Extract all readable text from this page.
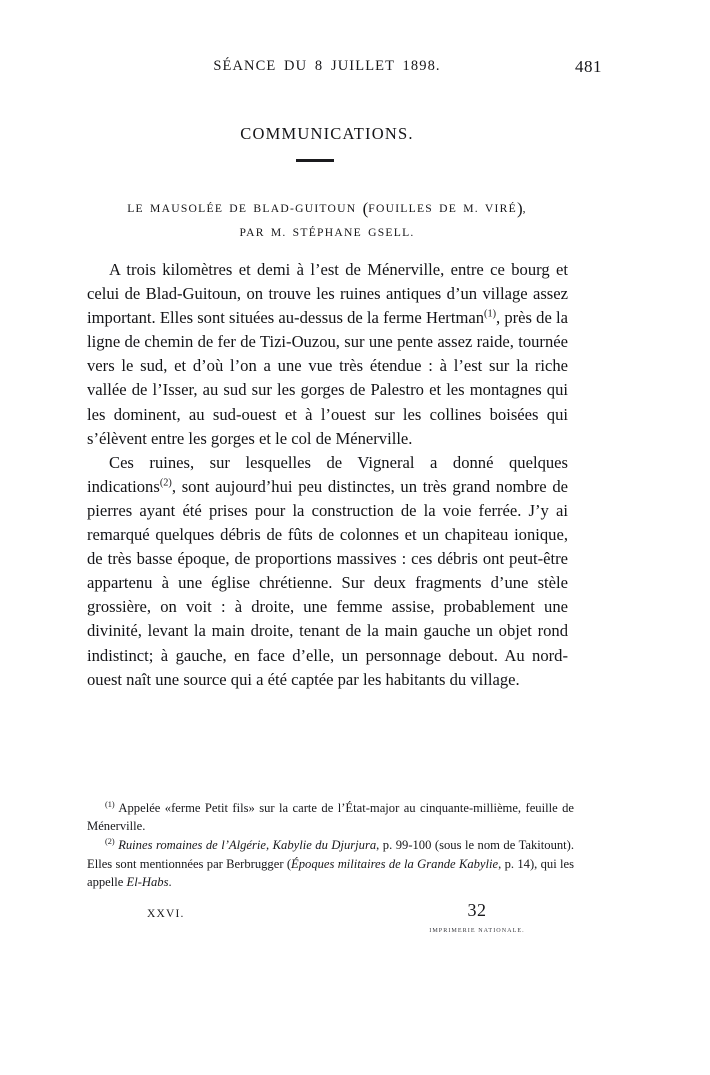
SÉANCE DU 8 JUILLET 1898.	481
COMMUNICATIONS.
LE MAUSOLÉE DE BLAD-GUITOUN (FOUILLES DE M. VIRÉ),
PAR M. STÉPHANE GSELL.

A trois kilomètres et demi à l’est de Ménerville, entre ce bourg et celui de Blad-Guitoun, on trouve les ruines antiques d’un village assez important. Elles sont situées au-dessus de la ferme Hertman$^{(1)}$, près de la ligne de chemin de fer de Tizi-Ouzou, sur une pente assez raide, tournée vers le sud, et d’où l’on a une vue très étendue : à l’est sur la riche vallée de l’Isser, au sud sur les gorges de Palestro et les montagnes qui les dominent, au sud-ouest et à l’ouest sur les collines boisées qui s’élèvent entre les gorges et le col de Ménerville.

Ces ruines, sur lesquelles de Vigneral a donné quelques indications$^{(2)}$, sont aujourd’hui peu distinctes, un très grand nombre de pierres ayant été prises pour la construction de la voie ferrée. J’y ai remarqué quelques débris de fûts de colonnes et un chapiteau ionique, de très basse époque, de proportions massives : ces débris ont peut-être appartenu à une église chrétienne. Sur deux fragments d’une stèle grossière, on voit : à droite, une femme assise, probablement une divinité, levant la main droite, tenant de la main gauche un objet rond indistinct; à gauche, en face d’elle, un personnage debout. Au nord-ouest naît une source qui a été captée par les habitants du village.

$^{(1)}$ Appelée «ferme Petit fils» sur la carte de l’État-major au cinquante-millième, feuille de Ménerville.

$^{(2)}$ Ruines romaines de l’Algérie, Kabylie du Djurjura, p. 99-100 (sous le nom de Takitount). Elles sont mentionnées par Berbrugger (Époques militaires de la Grande Kabylie, p. 14), qui les appelle El-Habs.

XXVI.	32
IMPRIMERIE NATIONALE.
